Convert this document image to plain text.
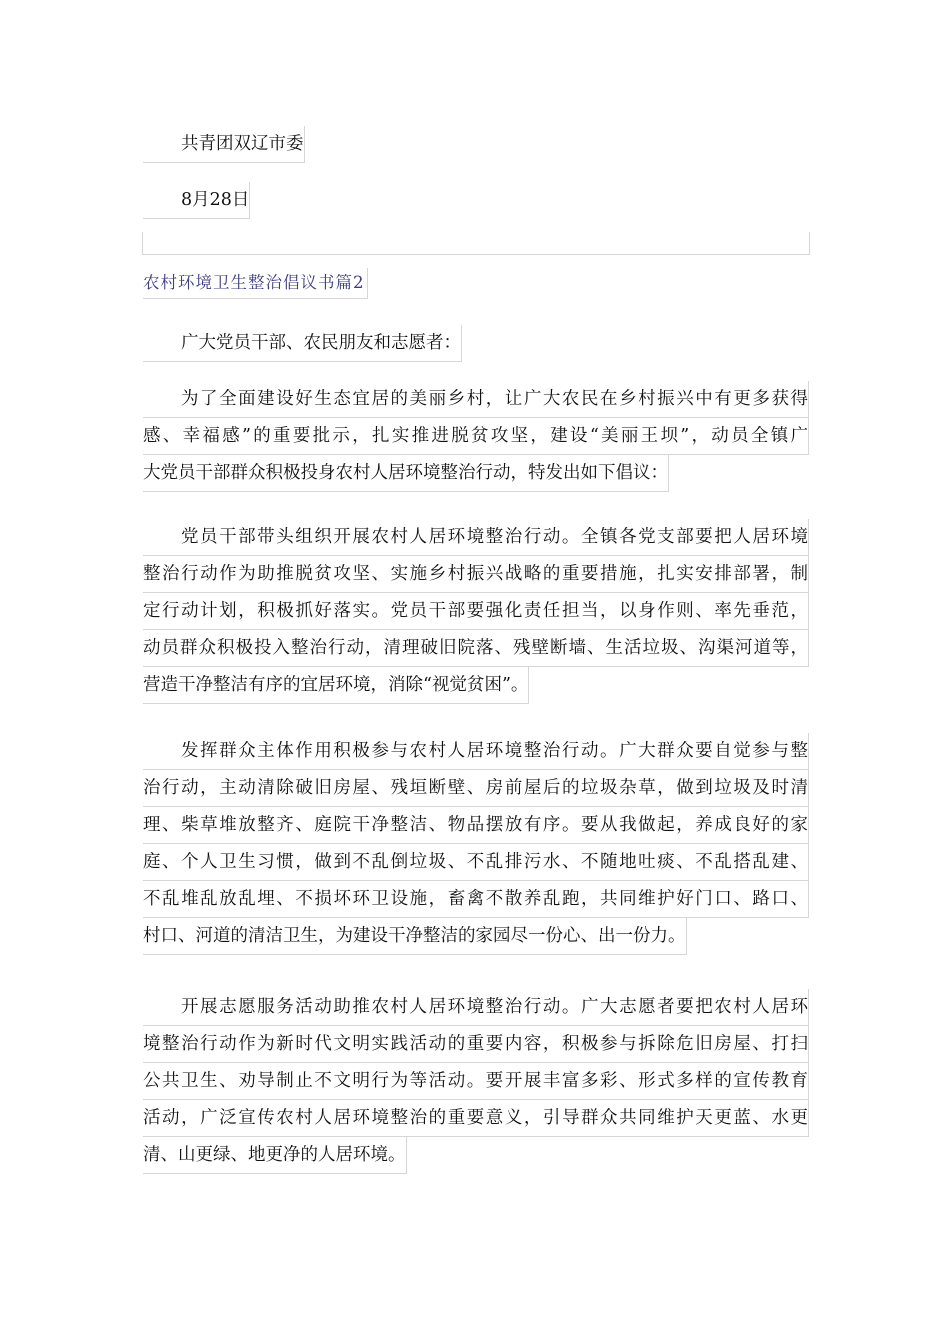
共青团双辽市委
8月28日
农村环境卫生整治倡议书篇2
广大党员干部、农民朋友和志愿者：
为了全面建设好生态宜居的美丽乡村，让广大农民在乡村振兴中有更多获得
感、幸福感”的重要批示，扎实推进脱贫攻坚，建设“美丽王坝”，动员全镇广
大党员干部群众积极投身农村人居环境整治行动，特发出如下倡议：
党员干部带头组织开展农村人居环境整治行动。全镇各党支部要把人居环境
整治行动作为助推脱贫攻坚、实施乡村振兴战略的重要措施，扎实安排部署，制
定行动计划，积极抓好落实。党员干部要强化责任担当，以身作则、率先垂范，
动员群众积极投入整治行动，清理破旧院落、残壁断墙、生活垃圾、沟渠河道等，
营造干净整洁有序的宜居环境，消除“视觉贫困”。
发挥群众主体作用积极参与农村人居环境整治行动。广大群众要自觉参与整
治行动，主动清除破旧房屋、残垣断壁、房前屋后的垃圾杂草，做到垃圾及时清
理、柴草堆放整齐、庭院干净整洁、物品摆放有序。要从我做起，养成良好的家
庭、个人卫生习惯，做到不乱倒垃圾、不乱排污水、不随地吐痰、不乱搭乱建、
不乱堆乱放乱埋、不损坏环卫设施，畜禽不散养乱跑，共同维护好门口、路口、
村口、河道的清洁卫生，为建设干净整洁的家园尽一份心、出一份力。
开展志愿服务活动助推农村人居环境整治行动。广大志愿者要把农村人居环
境整治行动作为新时代文明实践活动的重要内容，积极参与拆除危旧房屋、打扫
公共卫生、劝导制止不文明行为等活动。要开展丰富多彩、形式多样的宣传教育
活动，广泛宣传农村人居环境整治的重要意义，引导群众共同维护天更蓝、水更
清、山更绿、地更净的人居环境。
